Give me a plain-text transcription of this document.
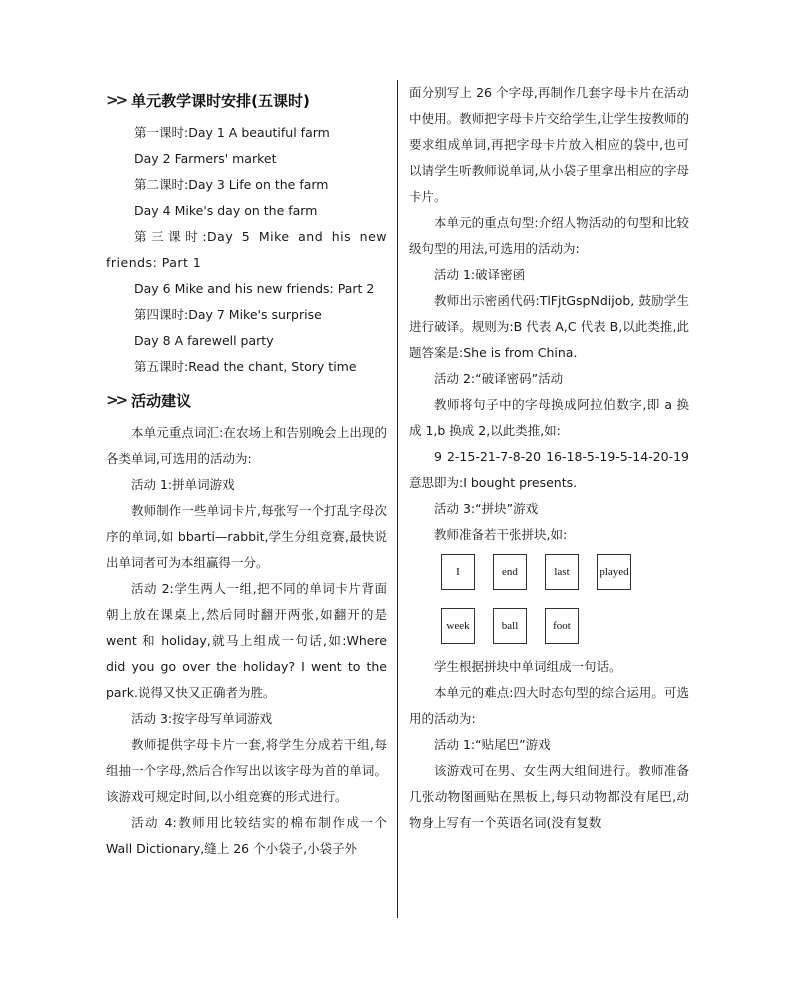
>> 单元教学课时安排(五课时)

第一课时:Day 1 A beautiful farm

Day 2 Farmers' market

第二课时:Day 3 Life on the farm

Day 4 Mike's day on the farm

第三课时:Day 5 Mike and his new friends: Part 1

Day 6 Mike and his new friends: Part 2

第四课时:Day 7 Mike's surprise

Day 8 A farewell party

第五课时:Read the chant, Story time

>> 活动建议

本单元重点词汇:在农场上和告别晚会上出现的各类单词,可选用的活动为:

活动 1:拼单词游戏

教师制作一些单词卡片,每张写一个打乱字母次序的单词,如 bbarti—rabbit,学生分组竞赛,最快说出单词者可为本组赢得一分。

活动 2:学生两人一组,把不同的单词卡片背面朝上放在课桌上,然后同时翻开两张,如翻开的是 went 和 holiday,就马上组成一句话,如:Where did you go over the holiday? I went to the park.说得又快又正确者为胜。

活动 3:按字母写单词游戏

教师提供字母卡片一套,将学生分成若干组,每组抽一个字母,然后合作写出以该字母为首的单词。该游戏可规定时间,以小组竞赛的形式进行。

活动 4:教师用比较结实的棉布制作成一个 Wall Dictionary,缝上 26 个小袋子,小袋子外

面分别写上 26 个字母,再制作几套字母卡片在活动中使用。教师把字母卡片交给学生,让学生按教师的要求组成单词,再把字母卡片放入相应的袋中,也可以请学生听教师说单词,从小袋子里拿出相应的字母卡片。

本单元的重点句型:介绍人物活动的句型和比较级句型的用法,可选用的活动为:

活动 1:破译密函

教师出示密函代码:TlFjtGspNdijob, 鼓励学生进行破译。规则为:B 代表 A,C 代表 B,以此类推,此题答案是:She is from China.

活动 2:“破译密码”活动

教师将句子中的字母换成阿拉伯数字,即 a 换成 1,b 换成 2,以此类推,如:

9 2-15-21-7-8-20 16-18-5-19-5-14-20-19 意思即为:I bought presents.

活动 3:“拼块”游戏

教师准备若干张拼块,如:

I	end	last	played
week	ball	foot

学生根据拼块中单词组成一句话。

本单元的难点:四大时态句型的综合运用。可选用的活动为:

活动 1:“贴尾巴”游戏

该游戏可在男、女生两大组间进行。教师准备几张动物图画贴在黑板上,每只动物都没有尾巴,动物身上写有一个英语名词(没有复数
